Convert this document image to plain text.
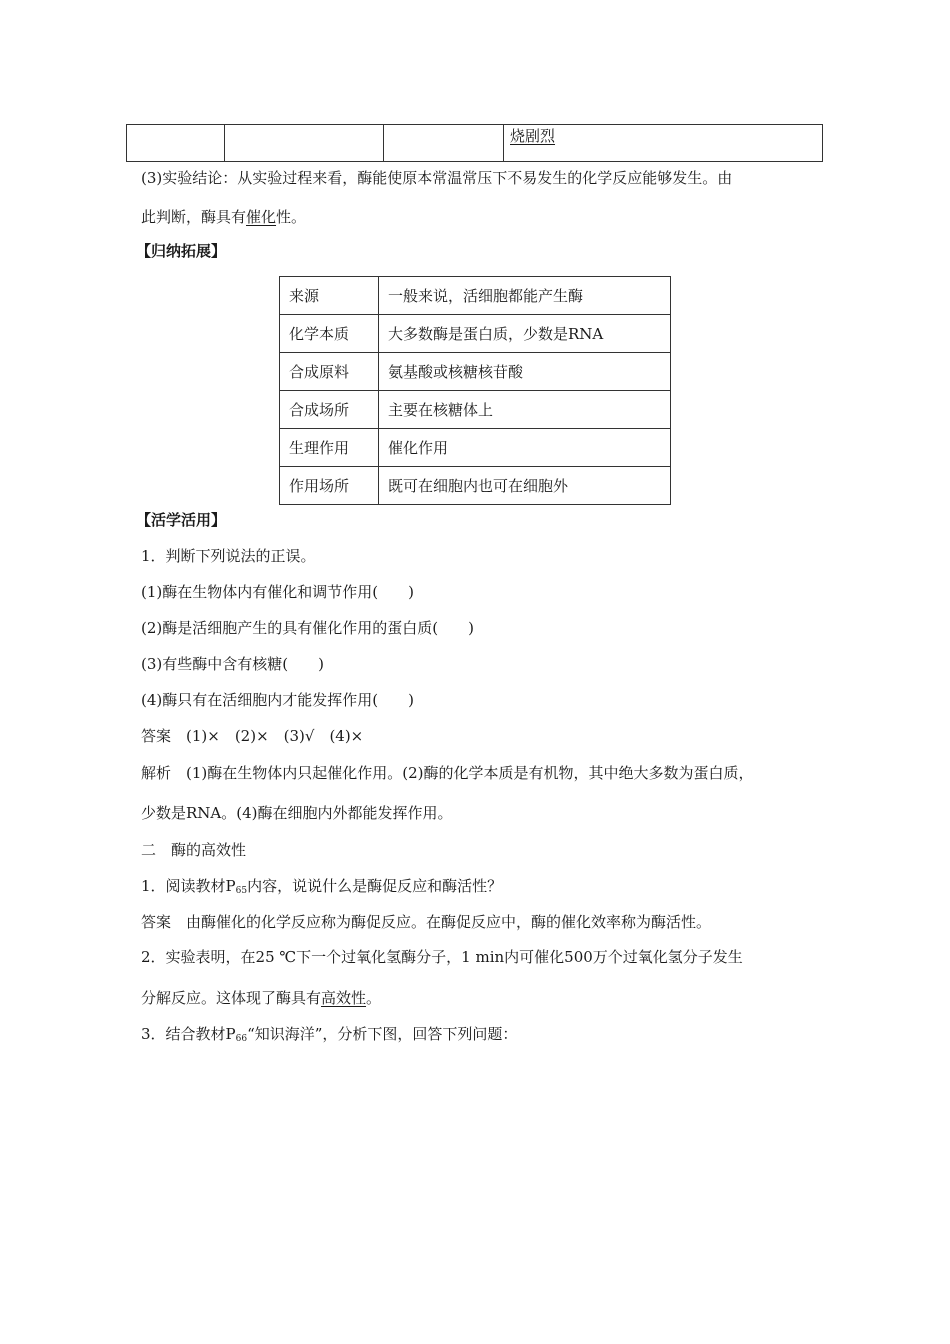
			烧剧烈
(3)实验结论：从实验过程来看，酶能使原本常温常压下不易发生的化学反应能够发生。由
此判断，酶具有催化性。
【归纳拓展】
来源	一般来说，活细胞都能产生酶
化学本质	大多数酶是蛋白质，少数是RNA
合成原料	氨基酸或核糖核苷酸
合成场所	主要在核糖体上
生理作用	催化作用
作用场所	既可在细胞内也可在细胞外
【活学活用】
1．判断下列说法的正误。
(1)酶在生物体内有催化和调节作用(　　)
(2)酶是活细胞产生的具有催化作用的蛋白质(　　)
(3)有些酶中含有核糖(　　)
(4)酶只有在活细胞内才能发挥作用(　　)
答案　(1)×　(2)×　(3)√　(4)×
解析　(1)酶在生物体内只起催化作用。(2)酶的化学本质是有机物，其中绝大多数为蛋白质，
少数是RNA。(4)酶在细胞内外都能发挥作用。
二　酶的高效性
1．阅读教材$P_{65}$内容，说说什么是酶促反应和酶活性？
答案　由酶催化的化学反应称为酶促反应。在酶促反应中，酶的催化效率称为酶活性。
2．实验表明，在25 ℃下一个过氧化氢酶分子，1 min内可催化500万个过氧化氢分子发生
分解反应。这体现了酶具有高效性。
3．结合教材$P_{66}“$知识海洋”，分析下图，回答下列问题：
